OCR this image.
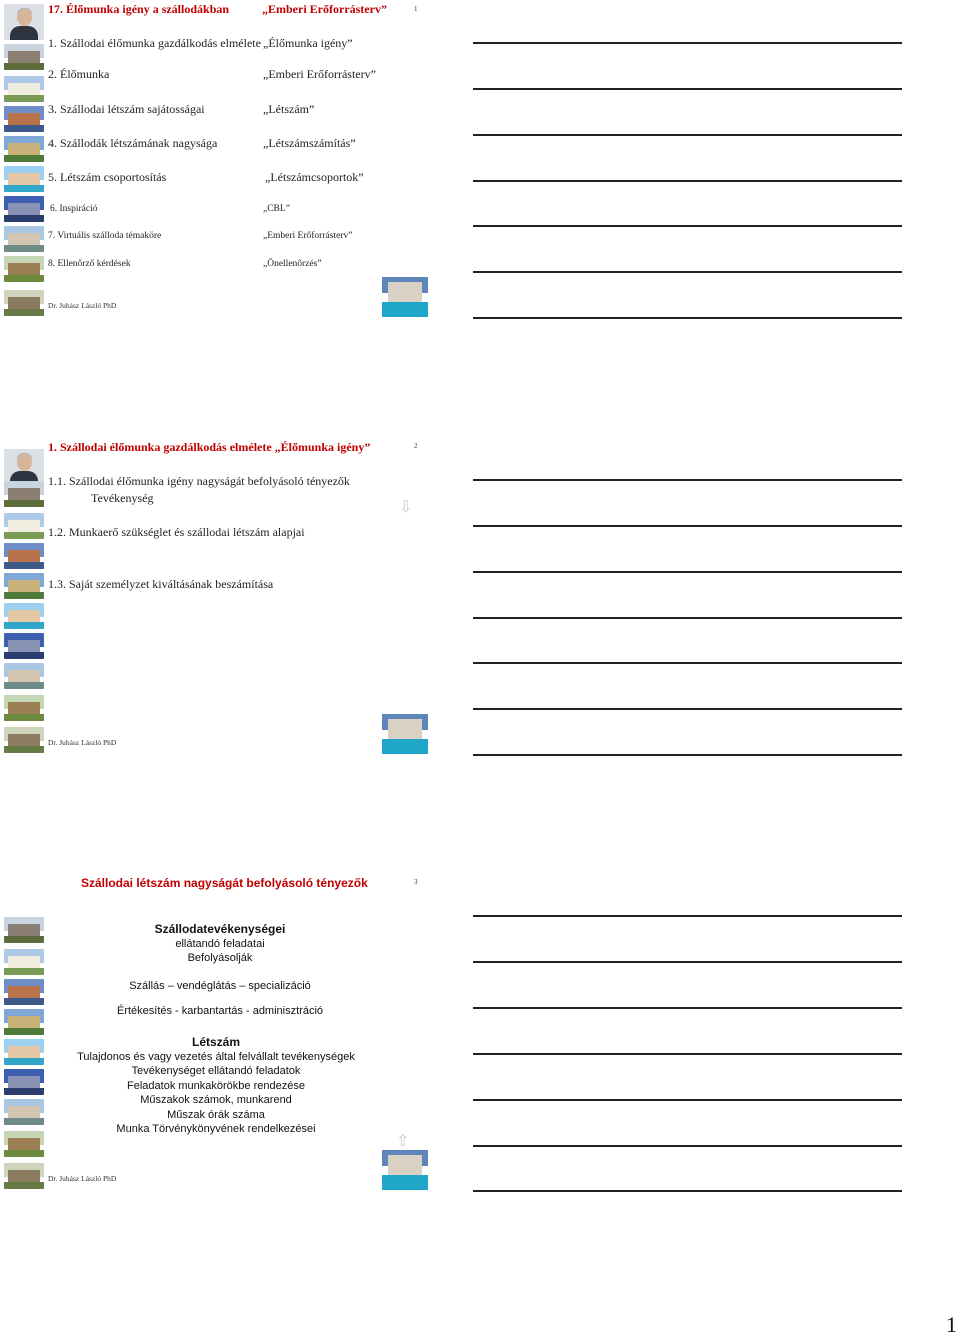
17. Élőmunka igény a szállodákban	„Emberi Erőforrásterv”	1
1. Szállodai élőmunka gazdálkodás elmélete „Élőmunka igény”
2. Élőmunka	„Emberi Erőforrásterv”
3. Szállodai létszám sajátosságai	„Létszám”
4. Szállodák létszámának nagysága	„Létszámszámítás”
5. Létszám csoportosítás	„Létszámcsoportok”
6. Inspiráció	„CBL”
7. Virtuális szálloda témaköre	„Emberi Erőforrásterv”
8. Ellenőrző kérdések	„Önellenőrzés”
Dr. Juhász László PhD
1. Szállodai élőmunka gazdálkodás elmélete „Élőmunka igény”	2
1.1. Szállodai élőmunka igény nagyságát befolyásoló tényezők
Tevékenység	⇩
1.2. Munkaerő szükséglet és szállodai létszám alapjai
1.3. Saját személyzet kiváltásának beszámítása
Dr. Juhász László PhD
Szállodai létszám nagyságát befolyásoló tényezők	3
Szállodatevékenységei
ellátandó feladatai
Befolyásolják
Szállás – vendéglátás – specializáció
Értékesítés - karbantartás - adminisztráció
Létszám
Tulajdonos és vagy vezetés által felvállalt tevékenységek
Tevékenységet ellátandó feladatok
Feladatok munkakörökbe rendezése
Műszakok számok, munkarend
Műszak órák száma
Munka Törvénykönyvének rendelkezései
⇧
Dr. Juhász László PhD
1
